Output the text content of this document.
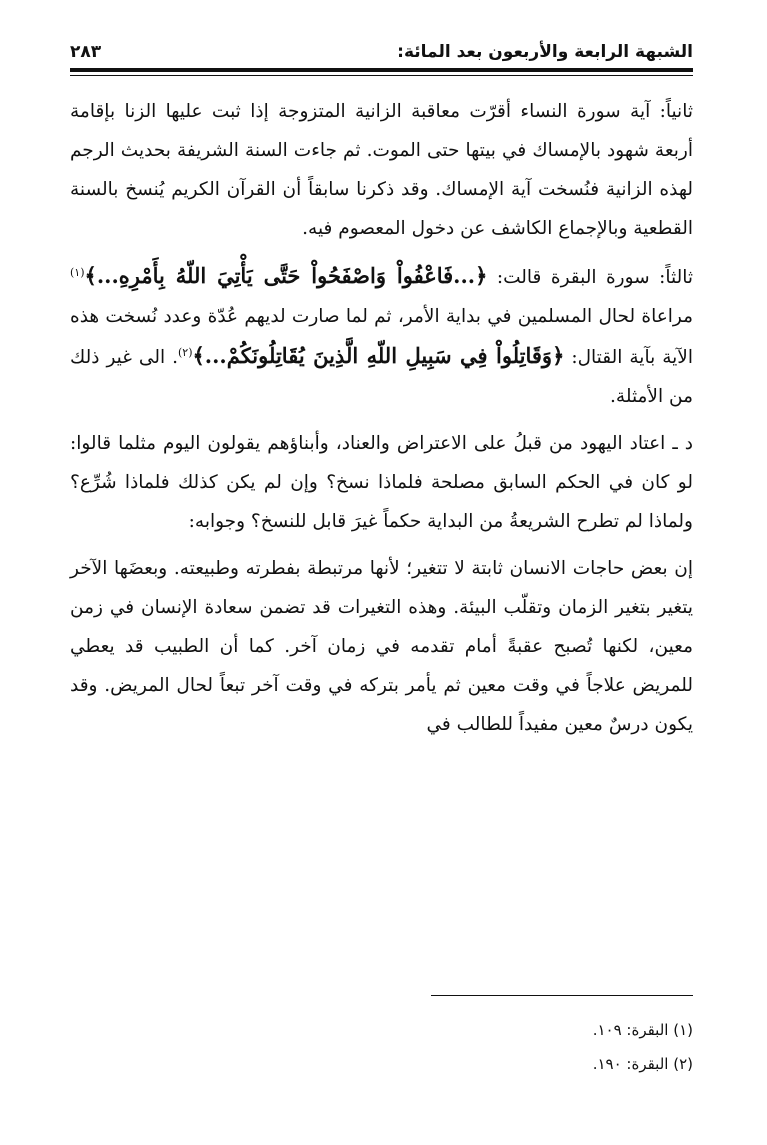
الشبهة الرابعة والأربعون بعد المائة:
٢٨٣

ثانياً: آية سورة النساء أقرّت معاقبة الزانية المتزوجة إذا ثبت عليها الزنا بإقامة أربعة شهود بالإمساك في بيتها حتى الموت. ثم جاءت السنة الشريفة بحديث الرجم لهذه الزانية فنُسخت آية الإمساك. وقد ذكرنا سابقاً أن القرآن الكريم يُنسخ بالسنة القطعية وبالإجماع الكاشف عن دخول المعصوم فيه.

ثالثاً: سورة البقرة قالت: ﴿...فَاعْفُواْ وَاصْفَحُواْ حَتَّى يَأْتِيَ اللّهُ بِأَمْرِهِ...﴾$^{(١)}$ مراعاة لحال المسلمين في بداية الأمر، ثم لما صارت لديهم عُدّة وعدد نُسخت هذه الآية بآية القتال: ﴿وَقَاتِلُواْ فِي سَبِيلِ اللّهِ الَّذِينَ يُقَاتِلُونَكُمْ...﴾$^{(٢)}$. الى غير ذلك من الأمثلة.

د ـ اعتاد اليهود من قبلُ على الاعتراض والعناد، وأبناؤهم يقولون اليوم مثلما قالوا: لو كان في الحكم السابق مصلحة فلماذا نسخ؟ وإن لم يكن كذلك فلماذا شُرِّع؟ ولماذا لم تطرح الشريعةُ من البداية حكماً غيرَ قابل للنسخ؟ وجوابه:

إن بعض حاجات الانسان ثابتة لا تتغير؛ لأنها مرتبطة بفطرته وطبيعته. وبعضَها الآخر يتغير بتغير الزمان وتقلّب البيئة. وهذه التغيرات قد تضمن سعادة الإنسان في زمن معين، لكنها تُصبح عقبةً أمام تقدمه في زمان آخر. كما أن الطبيب قد يعطي للمريض علاجاً في وقت معين ثم يأمر بتركه في وقت آخر تبعاً لحال المريض. وقد يكون درسٌ معين مفيداً للطالب في

(١) البقرة: ١٠٩.
(٢) البقرة: ١٩٠.
